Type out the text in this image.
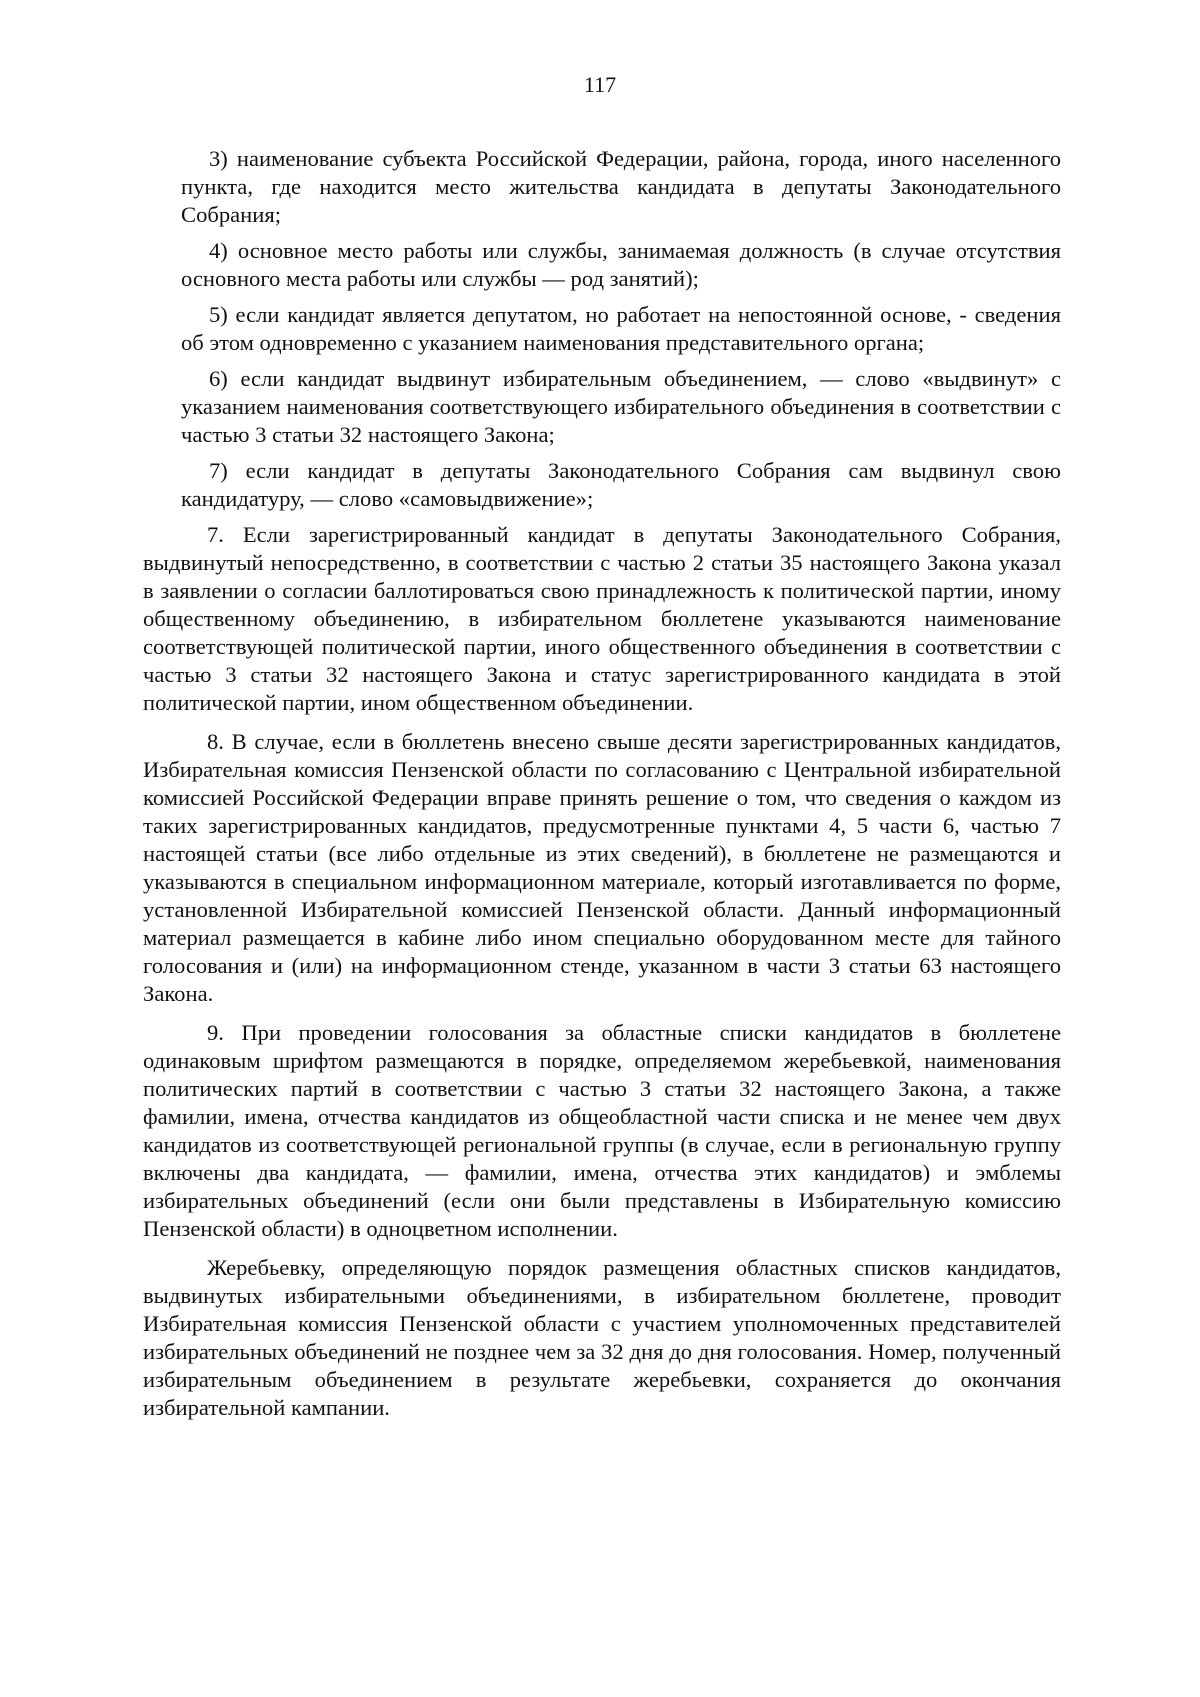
117

3) наименование субъекта Российской Федерации, района, города, иного населенного пункта, где находится место жительства кандидата в депутаты Законодательного Собрания;

4) основное место работы или службы, занимаемая должность (в случае отсутствия основного места работы или службы — род занятий);

5) если кандидат является депутатом, но работает на непостоянной основе, - сведения об этом одновременно с указанием наименования представительного органа;

6) если кандидат выдвинут избирательным объединением, — слово «выдвинут» с указанием наименования соответствующего избирательного объединения в соответствии с частью 3 статьи 32 настоящего Закона;

7) если кандидат в депутаты Законодательного Собрания сам выдвинул свою кандидатуру, — слово «самовыдвижение»;

7. Если зарегистрированный кандидат в депутаты Законодательного Собрания, выдвинутый непосредственно, в соответствии с частью 2 статьи 35 настоящего Закона указал в заявлении о согласии баллотироваться свою принадлежность к политической партии, иному общественному объединению, в избирательном бюллетене указываются наименование соответствующей политической партии, иного общественного объединения в соответствии с частью 3 статьи 32 настоящего Закона и статус зарегистрированного кандидата в этой политической партии, ином общественном объединении.

8. В случае, если в бюллетень внесено свыше десяти зарегистрированных кандидатов, Избирательная комиссия Пензенской области по согласованию с Центральной избирательной комиссией Российской Федерации вправе принять решение о том, что сведения о каждом из таких зарегистрированных кандидатов, предусмотренные пунктами 4, 5 части 6, частью 7 настоящей статьи (все либо отдельные из этих сведений), в бюллетене не размещаются и указываются в специальном информационном материале, который изготавливается по форме, установленной Избирательной комиссией Пензенской области. Данный информационный материал размещается в кабине либо ином специально оборудованном месте для тайного голосования и (или) на информационном стенде, указанном в части 3 статьи 63 настоящего Закона.

9. При проведении голосования за областные списки кандидатов в бюллетене одинаковым шрифтом размещаются в порядке, определяемом жеребьевкой, наименования политических партий в соответствии с частью 3 статьи 32 настоящего Закона, а также фамилии, имена, отчества кандидатов из общеобластной части списка и не менее чем двух кандидатов из соответствующей региональной группы (в случае, если в региональную группу включены два кандидата, — фамилии, имена, отчества этих кандидатов) и эмблемы избирательных объединений (если они были представлены в Избирательную комиссию Пензенской области) в одноцветном исполнении.

Жеребьевку, определяющую порядок размещения областных списков кандидатов, выдвинутых избирательными объединениями, в избирательном бюллетене, проводит Избирательная комиссия Пензенской области с участием уполномоченных представителей избирательных объединений не позднее чем за 32 дня до дня голосования. Номер, полученный избирательным объединением в результате жеребьевки, сохраняется до окончания избирательной кампании.
